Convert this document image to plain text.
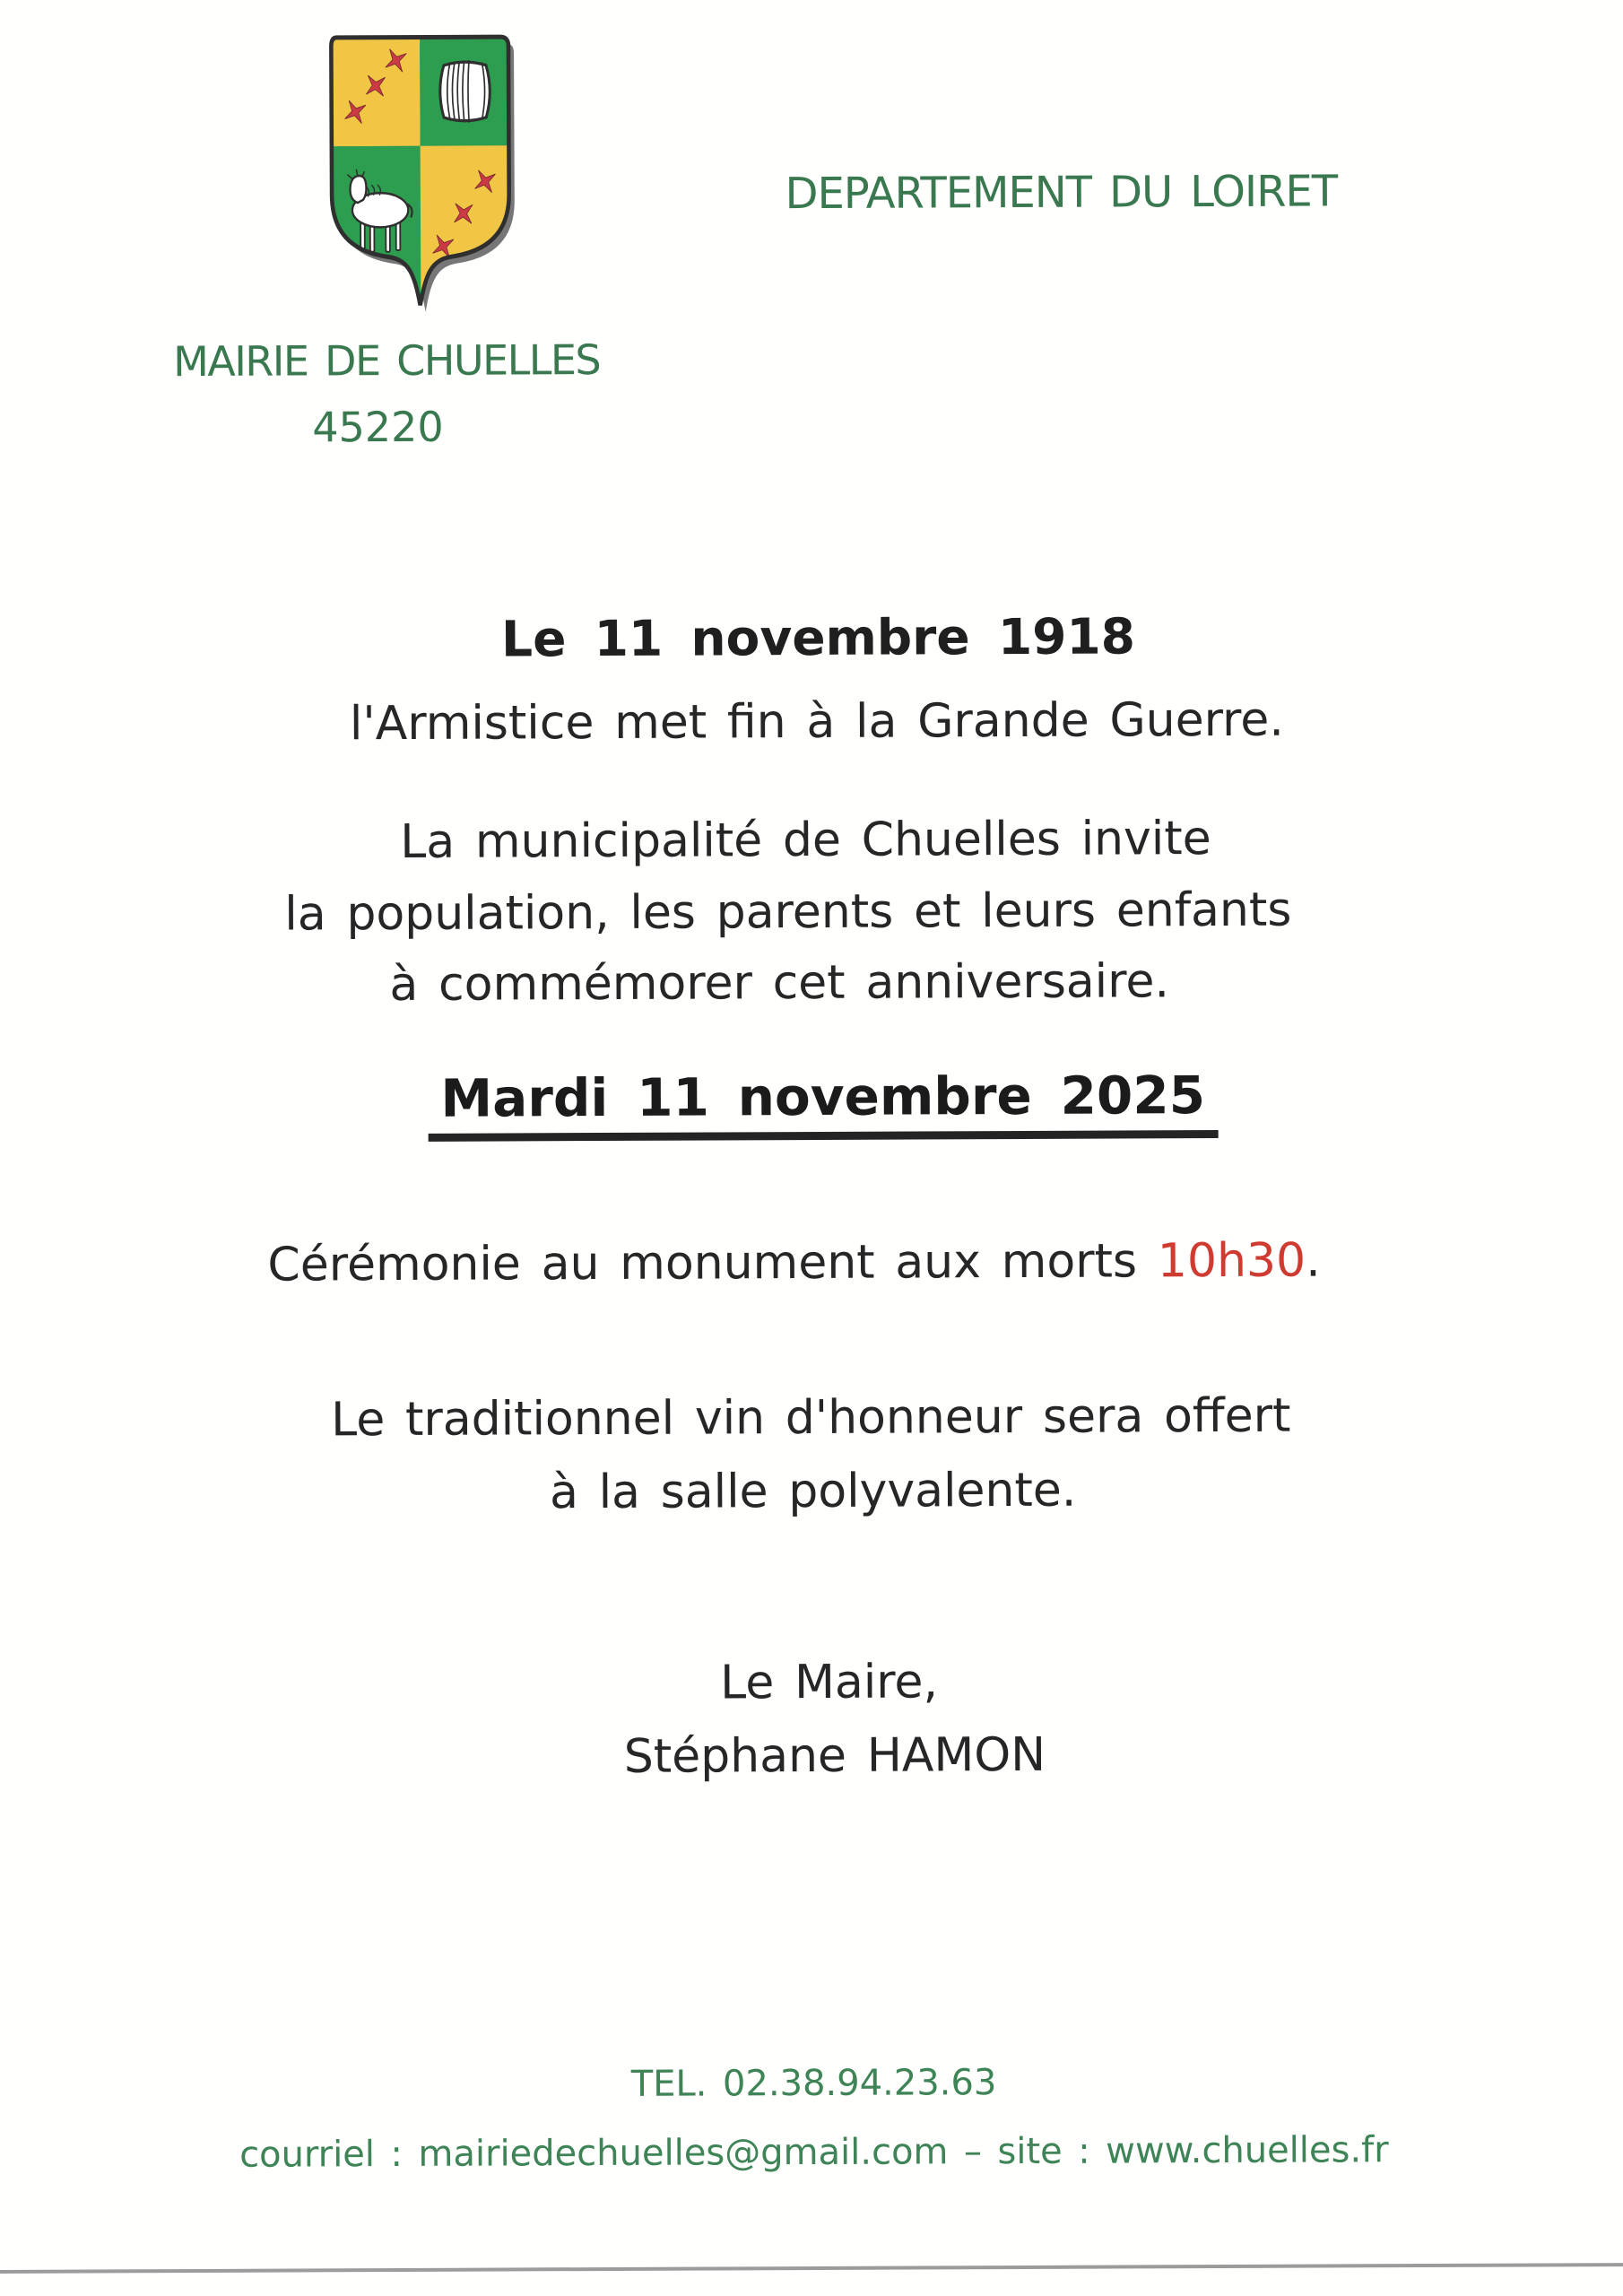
DEPARTEMENT DU LOIRET
MAIRIE DE CHUELLES
45220
Le 11 novembre 1918
l'Armistice met fin à la Grande Guerre.
La municipalité de Chuelles invite
la population, les parents et leurs enfants
à commémorer cet anniversaire.
Mardi 11 novembre 2025
Cérémonie au monument aux morts 10h30.
Le traditionnel vin d'honneur sera offert
à la salle polyvalente.
Le Maire,
Stéphane HAMON
TEL. 02.38.94.23.63
courriel : mairiedechuelles@gmail.com – site : www.chuelles.fr
